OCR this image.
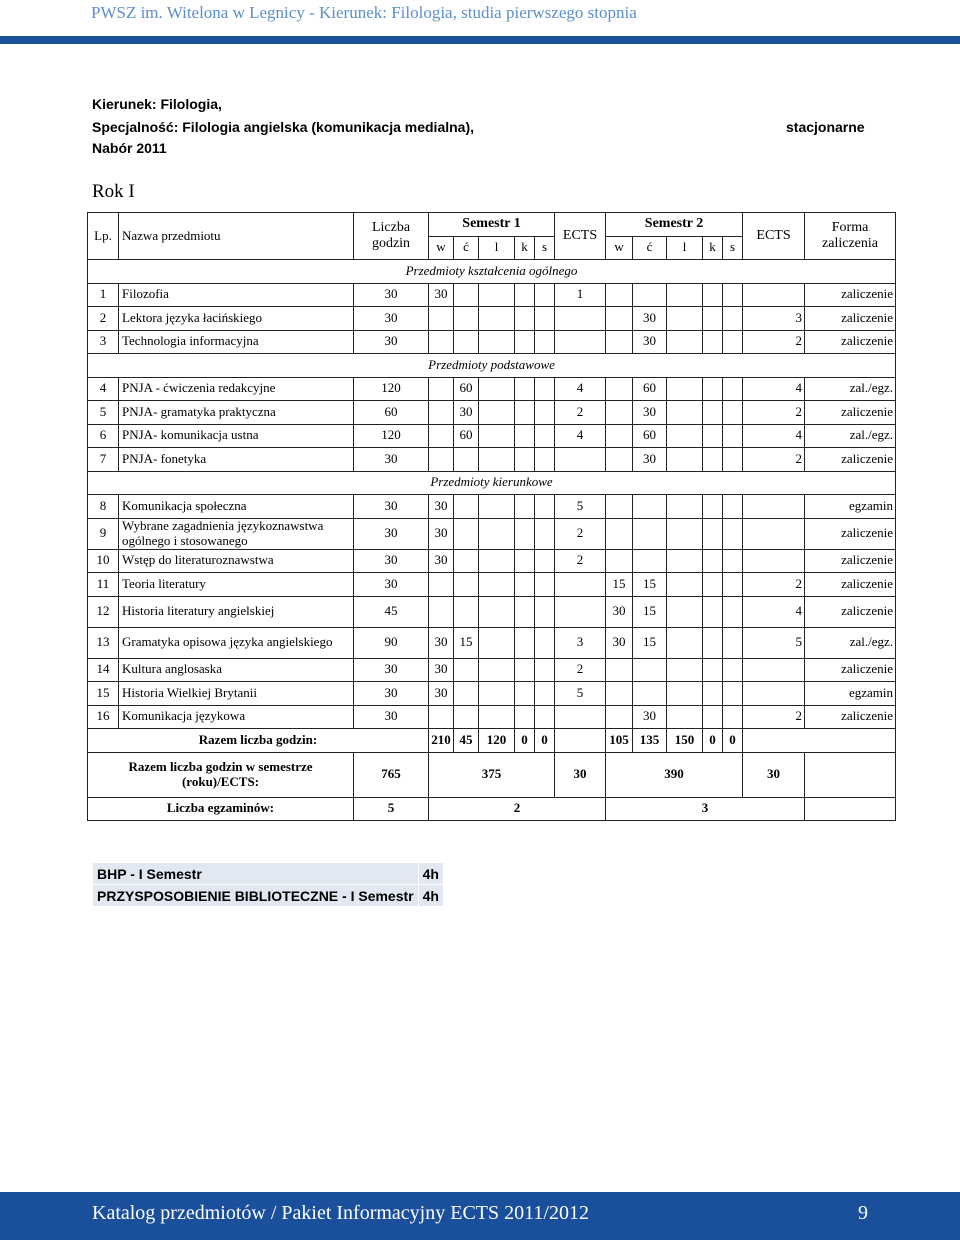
PWSZ im. Witelona w Legnicy - Kierunek: Filologia, studia pierwszego stopnia
Kierunek: Filologia,
Specjalność: Filologia angielska (komunikacja medialna),
Nabór 2011
stacjonarne
Rok I
Lp.	Nazwa przedmiotu	Liczba godzin	Semestr 1					ECTS	Semestr 2					ECTS	Forma zaliczenia
			w	ć	l	k	s		w	ć	l	k	s		
Przedmioty kształcenia ogólnego															
1	Filozofia	30	30					1							zaliczenie
2	Lektora języka łacińskiego	30								30				3	zaliczenie
3	Technologia informacyjna	30								30				2	zaliczenie
Przedmioty podstawowe															
4	PNJA - ćwiczenia redakcyjne	120		60				4		60				4	zal./egz.
5	PNJA- gramatyka praktyczna	60		30				2		30				2	zaliczenie
6	PNJA- komunikacja ustna	120		60				4		60				4	zal./egz.
7	PNJA- fonetyka	30								30				2	zaliczenie
Przedmioty kierunkowe															
8	Komunikacja społeczna	30	30					5							egzamin
9	Wybrane zagadnienia językoznawstwa ogólnego i stosowanego	30	30					2							zaliczenie
10	Wstęp do literaturoznawstwa	30	30					2							zaliczenie
11	Teoria literatury	30							15	15				2	zaliczenie
12	Historia literatury angielskiej	45							30	15				4	zaliczenie
13	Gramatyka opisowa języka angielskiego	90	30	15				3	30	15				5	zal./egz.
14	Kultura anglosaska	30	30					2							zaliczenie
15	Historia Wielkiej Brytanii	30	30					5							egzamin
16	Komunikacja językowa	30								30				2	zaliczenie
Razem liczba godzin:			210	45	120	0	0		105	135	150	0	0		
Razem liczba godzin w semestrze (roku)/ECTS:		765	375					30	390					30	
Liczba egzaminów:		5	2						3						
BHP - I Semestr	4h
PRZYSPOSOBIENIE BIBLIOTECZNE - I Semestr	4h
Katalog przedmiotów / Pakiet Informacyjny ECTS 2011/2012	9
